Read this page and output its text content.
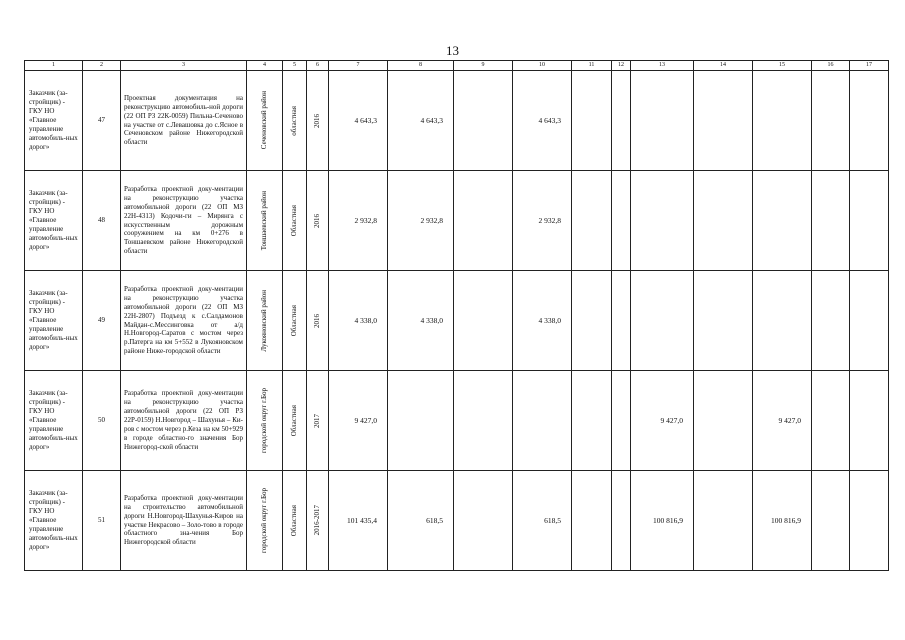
13
1	2	3	4	5	6	7	8	9	10	11	12	13	14	15	16	17
Заказчик (за-стройщик) - ГКУ НО «Главное управление автомобиль-ных дорог»	47	Проектная документация на реконструкцию автомобиль-ной дороги (22 ОП РЗ 22К-0059) Пильна-Сеченово на участке от с.Левашовка до с.Ясное в Сеченовском районе Нижегородской области	Сеченовский район	областная	2016	4 643,3	4 643,3		4 643,3							
Заказчик (за-стройщик) - ГКУ НО «Главное управление автомобиль-ных дорог»	48	Разработка проектной доку-ментации на реконструкцию участка автомобильной дороги (22 ОП МЗ 22Н-4313) Кодочи-ги – Мирянга с искусственным дорожным сооружением на км 0+276 в Тоншаевском районе Нижегородской области	Тоншаевский район	Областная	2016	2 932,8	2 932,8		2 932,8							
Заказчик (за-стройщик) - ГКУ НО «Главное управление автомобиль-ных дорог»	49	Разработка проектной доку-ментации на реконструкцию участка автомобильной дороги (22 ОП МЗ 22Н-2807) Подъезд к с.Салдамонов Майдан-с.Мессинговка от а/д Н.Новгород-Саратов с мостом через р.Патерга на км 5+552 в Лукояновском районе Ниже-городской области	Лукояновский район	Областная	2016	4 338,0	4 338,0		4 338,0							
Заказчик (за-стройщик) - ГКУ НО «Главное управление автомобиль-ных дорог»	50	Разработка проектной доку-ментации на реконструкцию участка автомобильной дороги (22 ОП РЗ 22Р-0159) Н.Новгород – Шахунья – Ки-ров с мостом через р.Кеза на км 50+929 в городе областно-го значения Бор Нижегород-ской области	городской округ г.Бор	Областная	2017	9 427,0						9 427,0		9 427,0		
Заказчик (за-стройщик) - ГКУ НО «Главное управление автомобиль-ных дорог»	51	Разработка проектной доку-ментации на строительство автомобильной дороги Н.Новгород-Шахунья-Киров на участке Некрасово – Золо-тово в городе областного зна-чения Бор Нижегородской области	городской округ г.Бор	Областная	2016-2017	101 435,4	618,5		618,5			100 816,9		100 816,9		
